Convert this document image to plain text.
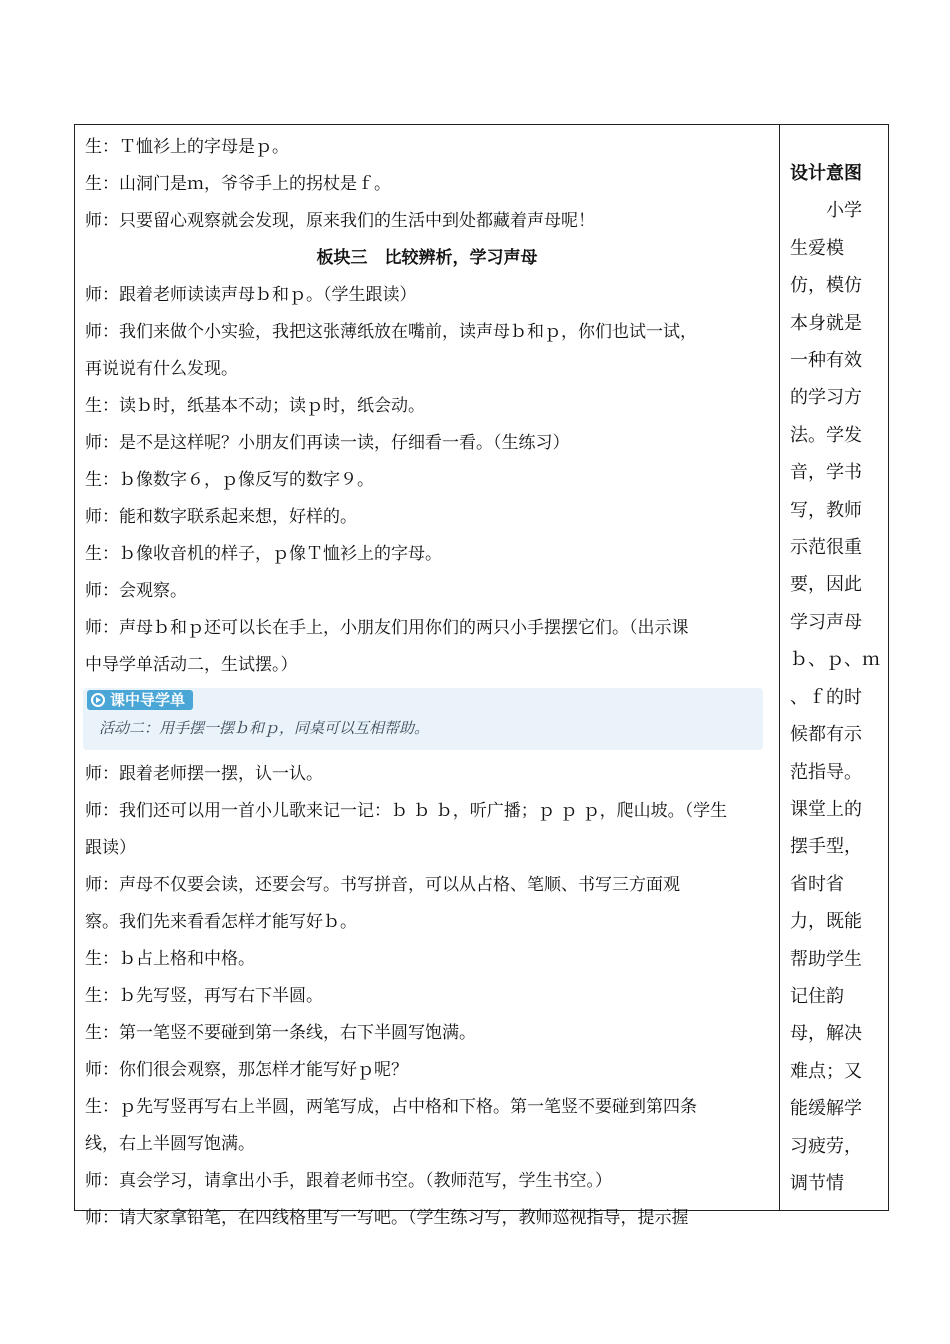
生：Ｔ恤衫上的字母是ｐ。
生：山洞门是ｍ，爷爷手上的拐杖是ｆ。
师：只要留心观察就会发现，原来我们的生活中到处都藏着声母呢！
板块三　比较辨析，学习声母
师：跟着老师读读声母ｂ和ｐ。（学生跟读）
师：我们来做个小实验，我把这张薄纸放在嘴前，读声母ｂ和ｐ，你们也试一试，
再说说有什么发现。
生：读ｂ时，纸基本不动；读ｐ时，纸会动。
师：是不是这样呢？小朋友们再读一读，仔细看一看。（生练习）
生：ｂ像数字６，ｐ像反写的数字９。
师：能和数字联系起来想，好样的。
生：ｂ像收音机的样子，ｐ像Ｔ恤衫上的字母。
师：会观察。
师：声母ｂ和ｐ还可以长在手上，小朋友们用你们的两只小手摆摆它们。（出示课
中导学单活动二，生试摆。）
课中导学单
活动二：用手摆一摆ｂ和ｐ，同桌可以互相帮助。
师：跟着老师摆一摆，认一认。
师：我们还可以用一首小儿歌来记一记：ｂ ｂ ｂ，听广播；ｐ ｐ ｐ，爬山坡。（学生
跟读）
师：声母不仅要会读，还要会写。书写拼音，可以从占格、笔顺、书写三方面观
察。我们先来看看怎样才能写好ｂ。
生：ｂ占上格和中格。
生：ｂ先写竖，再写右下半圆。
生：第一笔竖不要碰到第一条线，右下半圆写饱满。
师：你们很会观察，那怎样才能写好ｐ呢？
生：ｐ先写竖再写右上半圆，两笔写成，占中格和下格。第一笔竖不要碰到第四条
线，右上半圆写饱满。
师：真会学习，请拿出小手，跟着老师书空。（教师范写，学生书空。）
师：请大家拿铅笔，在四线格里写一写吧。（学生练习写，教师巡视指导，提示握
设计意图
　　小学
生爱模
仿，模仿
本身就是
一种有效
的学习方
法。学发
音，学书
写，教师
示范很重
要，因此
学习声母
ｂ、ｐ、ｍ
、ｆ的时
候都有示
范指导。
课堂上的
摆手型，
省时省
力，既能
帮助学生
记住韵
母，解决
难点；又
能缓解学
习疲劳，
调节情
